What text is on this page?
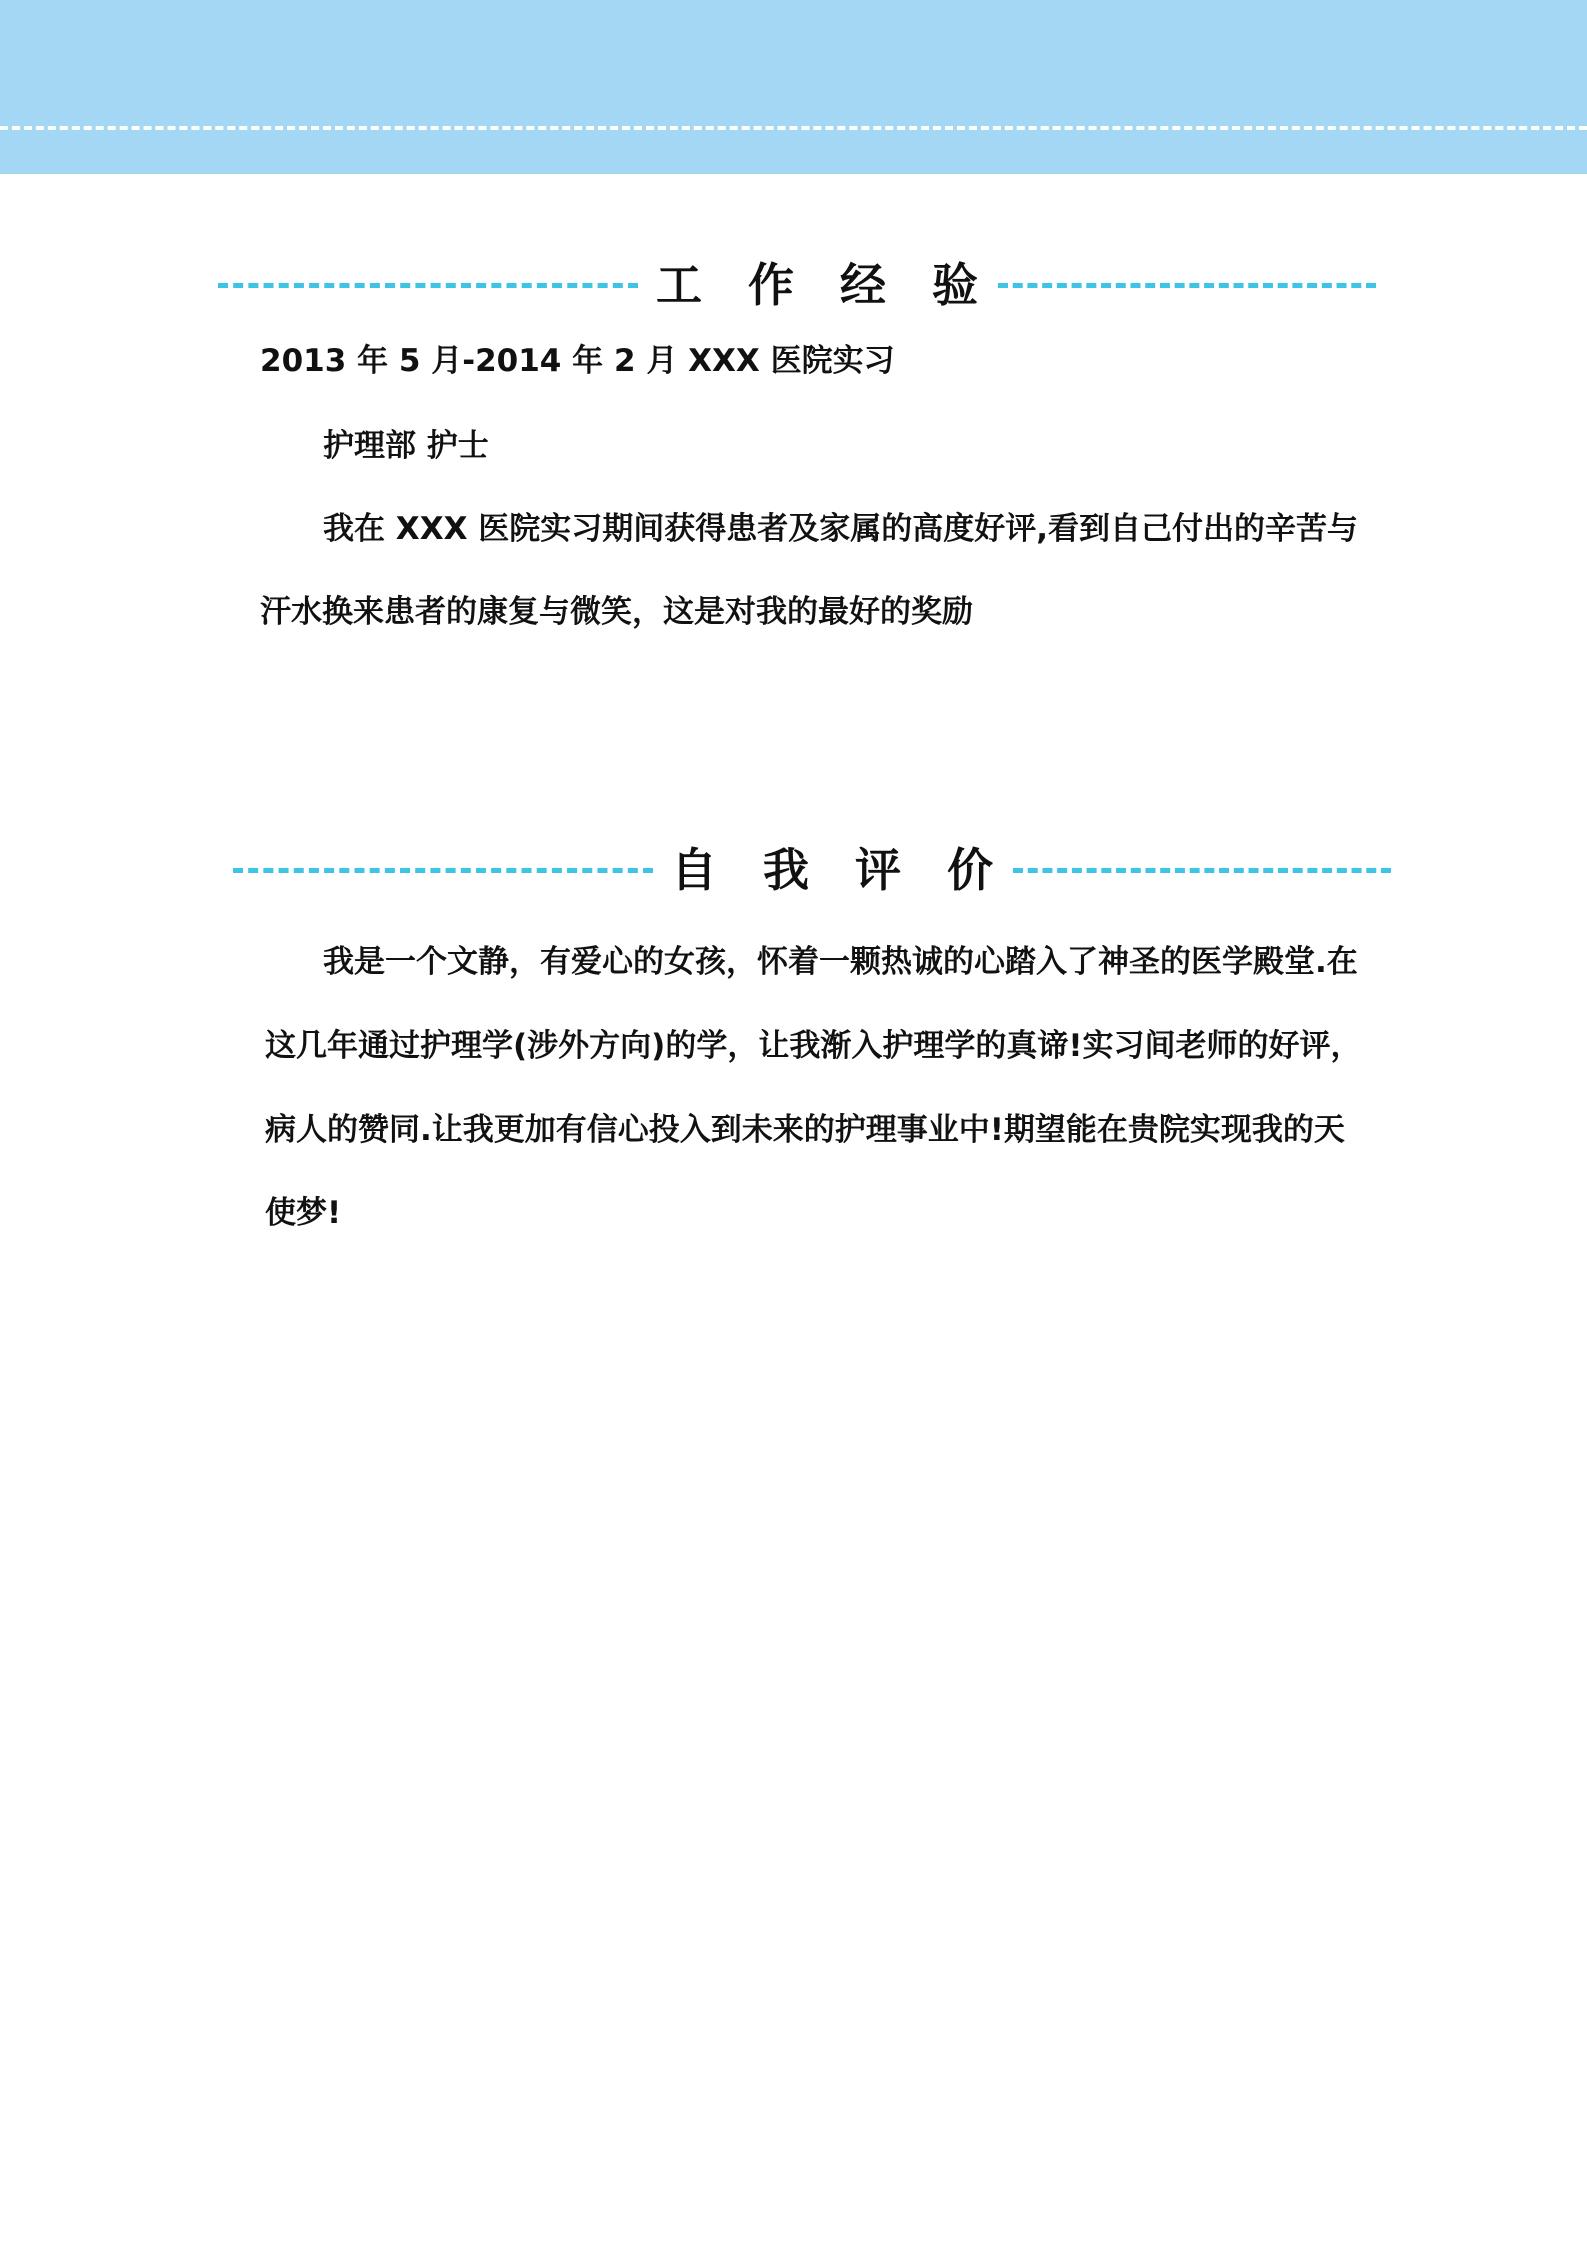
工作经验
2013 年 5 月-2014 年 2 月 XXX 医院实习
护理部 护士
我在 XXX 医院实习期间获得患者及家属的高度好评,看到自己付出的辛苦与
汗水换来患者的康复与微笑，这是对我的最好的奖励
自我评价
我是一个文静，有爱心的女孩，怀着一颗热诚的心踏入了神圣的医学殿堂.在
这几年通过护理学(涉外方向)的学，让我渐入护理学的真谛!实习间老师的好评，
病人的赞同.让我更加有信心投入到未来的护理事业中!期望能在贵院实现我的天
使梦!
